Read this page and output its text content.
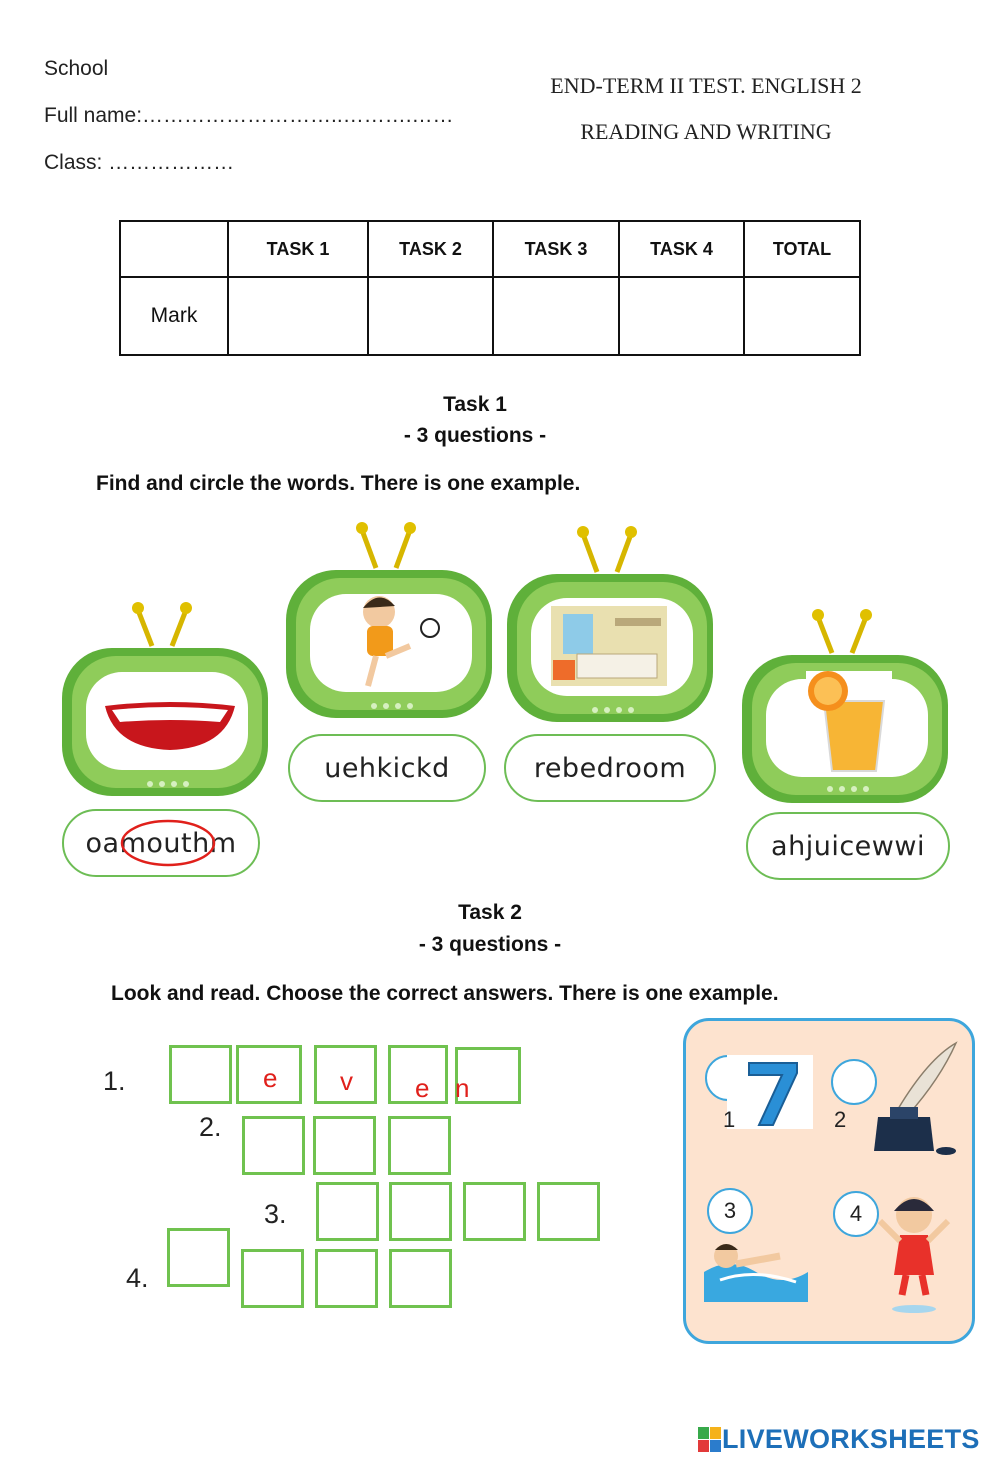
School
Full name:………………………..……….……
Class: ………………
END-TERM II TEST. ENGLISH 2
READING AND WRITING
	TASK 1	TASK 2	TASK 3	TASK 4	TOTAL
Mark					
Task 1
- 3 questions -
Find and circle the words. There is one example.
oamouthm
uehkickd	rebedroom
ahjuicewwi
Task 2
- 3 questions -
Look and read. Choose the correct answers. There is one example.
1.
2.
3.
4.
e v e n
1	2
3	4
LIVEWORKSHEETS
